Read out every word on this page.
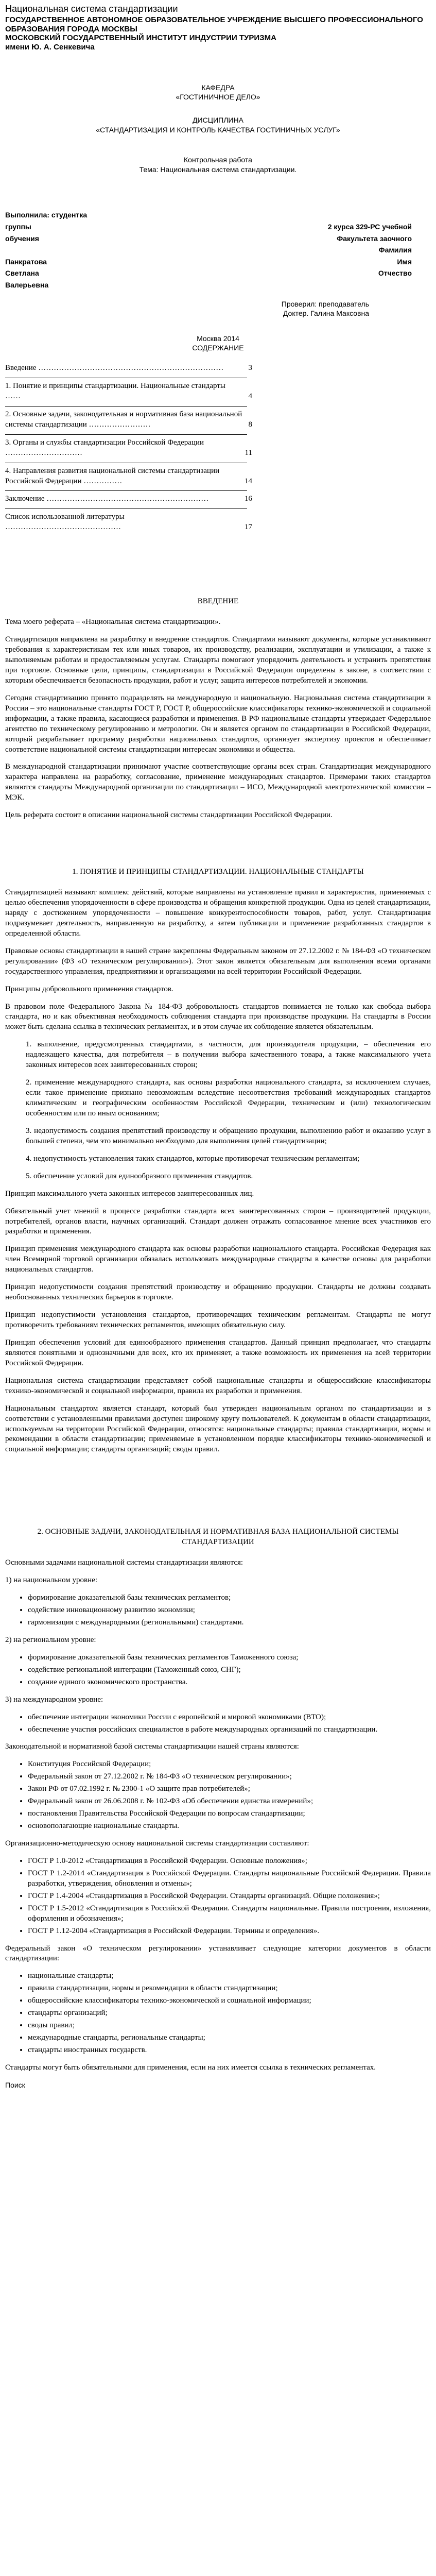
Национальная система стандартизации
ГОСУДАРСТВЕННОЕ АВТОНОМНОЕ ОБРАЗОВАТЕЛЬНОЕ УЧРЕЖДЕНИЕ ВЫСШЕГО ПРОФЕССИОНАЛЬНОГО ОБРАЗОВАНИЯ ГОРОДА МОСКВЫ
МОСКОВСКИЙ ГОСУДАРСТВЕННЫЙ ИНСТИТУТ ИНДУСТРИИ ТУРИЗМА
имени Ю. А. Сенкевича
КАФЕДРА
«ГОСТИНИЧНОЕ ДЕЛО»
ДИСЦИПЛИНА
«СТАНДАРТИЗАЦИЯ И КОНТРОЛЬ КАЧЕСТВА ГОСТИНИЧНЫХ УСЛУГ»
Контрольная работа
Тема: Национальная система стандартизации.
Выполнила: студентка
группы	2 курса 329-РС учебной
обучения	Факультета заочного
Фамилия
Панкратова	Имя
Светлана	Отчество
Валерьевна
Проверил: преподаватель
Доктер. Галина Максовна
Москва 2014
СОДЕРЖАНИЕ
Введение ………………………………………………………………	3
1. Понятие и принципы стандартизации. Национальные стандарты ……	4
2. Основные задачи, законодательная и нормативная база национальной системы стандартизации ……………………	8
3. Органы и службы стандартизации Российской Федерации …………………………	11
4. Направления развития национальной системы стандартизации Российской Федерации ……………	14
Заключение ………………………………………………………	16
Список использованной литературы ………………………………………	17
ВВЕДЕНИЕ

Тема моего реферата – «Национальная система стандартизации».

Стандартизация направлена на разработку и внедрение стандартов. Стандартами называют документы, которые устанавливают требования к характеристикам тех или иных товаров, их производству, реализации, эксплуатации и утилизации, а также к выполняемым работам и предоставляемым услугам. Стандарты помогают упорядочить деятельность и устранить препятствия при торговле. Основные цели, принципы, стандартизации в Российской Федерации определены в законе, в соответствии с которым обеспечивается безопасность продукции, работ и услуг, защита интересов потребителей и экономии.

Сегодня стандартизацию принято подразделять на международную и национальную. Национальная система стандартизации в России – это национальные стандарты ГОСТ Р, ГОСТ Р, общероссийские классификаторы технико-экономической и социальной информации, а также правила, касающиеся разработки и применения. В РФ национальные стандарты утверждает Федеральное агентство по техническому регулированию и метрологии. Он и является органом по стандартизации в Российской Федерации, который разрабатывает программу разработки национальных стандартов, организует экспертизу проектов и обеспечивает соответствие национальной системы стандартизации интересам экономики и общества.

В международной стандартизации принимают участие соответствующие органы всех стран. Стандартизация международного характера направлена на разработку, согласование, применение международных стандартов. Примерами таких стандартов являются стандарты Международной организации по стандартизации – ИСО, Международной электротехнической комиссии – МЭК.

Цель реферата состоит в описании национальной системы стандартизации Российской Федерации.

1. ПОНЯТИЕ И ПРИНЦИПЫ СТАНДАРТИЗАЦИИ. НАЦИОНАЛЬНЫЕ СТАНДАРТЫ

Стандартизацией называют комплекс действий, которые направлены на установление правил и характеристик, применяемых с целью обеспечения упорядоченности в сфере производства и обращения конкретной продукции. Одна из целей стандартизации, наряду с достижением упорядоченности – повышение конкурентоспособности товаров, работ, услуг. Стандартизация подразумевает деятельность, направленную на разработку, а затем публикации и применение разработанных стандартов в определенной области.

Правовые основы стандартизации в нашей стране закреплены Федеральным законом от 27.12.2002 г. № 184-ФЗ «О техническом регулировании» (ФЗ «О техническом регулировании»). Этот закон является обязательным для выполнения всеми органами государственного управления, предприятиями и организациями на всей территории Российской Федерации.

Принципы добровольного применения стандартов.

В правовом поле Федерального Закона № 184-ФЗ добровольность стандартов понимается не только как свобода выбора стандарта, но и как объективная необходимость соблюдения стандарта при производстве продукции. На стандарты в России может быть сделана ссылка в технических регламентах, и в этом случае их соблюдение является обязательным.

1. выполнение, предусмотренных стандартами, в частности, для производителя продукции, – обеспечения его надлежащего качества, для потребителя – в получении выбора качественного товара, а также максимального учета законных интересов всех заинтересованных сторон;

2. применение международного стандарта, как основы разработки национального стандарта, за исключением случаев, если такое применение признано невозможным вследствие несоответствия требований международных стандартов климатическим и географическим особенностям Российской Федерации, техническим и (или) технологическим особенностям или по иным основаниям;

3. недопустимость создания препятствий производству и обращению продукции, выполнению работ и оказанию услуг в большей степени, чем это минимально необходимо для выполнения целей стандартизации;

4. недопустимость установления таких стандартов, которые противоречат техническим регламентам;

5. обеспечение условий для единообразного применения стандартов.

Принцип максимального учета законных интересов заинтересованных лиц.

Обязательный учет мнений в процессе разработки стандарта всех заинтересованных сторон – производителей продукции, потребителей, органов власти, научных организаций. Стандарт должен отражать согласованное мнение всех участников его разработки и применения.

Принцип применения международного стандарта как основы разработки национального стандарта. Российская Федерация как член Всемирной торговой организации обязалась использовать международные стандарты в качестве основы для разработки национальных стандартов.

Принцип недопустимости создания препятствий производству и обращению продукции. Стандарты не должны создавать необоснованных технических барьеров в торговле.

Принцип недопустимости установления стандартов, противоречащих техническим регламентам. Стандарты не могут противоречить требованиям технических регламентов, имеющих обязательную силу.

Принцип обеспечения условий для единообразного применения стандартов. Данный принцип предполагает, что стандарты являются понятными и однозначными для всех, кто их применяет, а также возможность их применения на всей территории Российской Федерации.

Национальная система стандартизации представляет собой национальные стандарты и общероссийские классификаторы технико-экономической и социальной информации, правила их разработки и применения.

Национальным стандартом является стандарт, который был утвержден национальным органом по стандартизации и в соответствии с установленными правилами доступен широкому кругу пользователей. К документам в области стандартизации, используемым на территории Российской Федерации, относятся: национальные стандарты; правила стандартизации, нормы и рекомендации в области стандартизации; применяемые в установленном порядке классификаторы технико-экономической и социальной информации; стандарты организаций; своды правил.

2. ОСНОВНЫЕ ЗАДАЧИ, ЗАКОНОДАТЕЛЬНАЯ И НОРМАТИВНАЯ БАЗА НАЦИОНАЛЬНОЙ СИСТЕМЫ СТАНДАРТИЗАЦИИ

Основными задачами национальной системы стандартизации являются:

1) на национальном уровне:

• формирование доказательной базы технических регламентов;
• содействие инновационному развитию экономики;
• гармонизация с международными (региональными) стандартами.

2) на региональном уровне:

• формирование доказательной базы технических регламентов Таможенного союза;
• содействие региональной интеграции (Таможенный союз, СНГ);
• создание единого экономического пространства.

3) на международном уровне:

• обеспечение интеграции экономики России с европейской и мировой экономиками (ВТО);
• обеспечение участия российских специалистов в работе международных организаций по стандартизации.

Законодательной и нормативной базой системы стандартизации нашей страны являются:

• Конституция Российской Федерации;
• Федеральный закон от 27.12.2002 г. № 184-ФЗ «О техническом регулировании»;
• Закон РФ от 07.02.1992 г. № 2300-1 «О защите прав потребителей»;
• Федеральный закон от 26.06.2008 г. № 102-ФЗ «Об обеспечении единства измерений»;
• постановления Правительства Российской Федерации по вопросам стандартизации;
• основополагающие национальные стандарты.

Организационно-методическую основу национальной системы стандартизации составляют:

• ГОСТ Р 1.0-2012 «Стандартизация в Российской Федерации. Основные положения»;
• ГОСТ Р 1.2-2014 «Стандартизация в Российской Федерации. Стандарты национальные Российской Федерации. Правила разработки, утверждения, обновления и отмены»;
• ГОСТ Р 1.4-2004 «Стандартизация в Российской Федерации. Стандарты организаций. Общие положения»;
• ГОСТ Р 1.5-2012 «Стандартизация в Российской Федерации. Стандарты национальные. Правила построения, изложения, оформления и обозначения»;
• ГОСТ Р 1.12-2004 «Стандартизация в Российской Федерации. Термины и определения».

Федеральный закон «О техническом регулировании» устанавливает следующие категории документов в области стандартизации:

• национальные стандарты;
• правила стандартизации, нормы и рекомендации в области стандартизации;
• общероссийские классификаторы технико-экономической и социальной информации;
• стандарты организаций;
• своды правил;
• международные стандарты, региональные стандарты;
• стандарты иностранных государств.

Стандарты могут быть обязательными для применения, если на них имеется ссылка в технических регламентах.

Поиск
